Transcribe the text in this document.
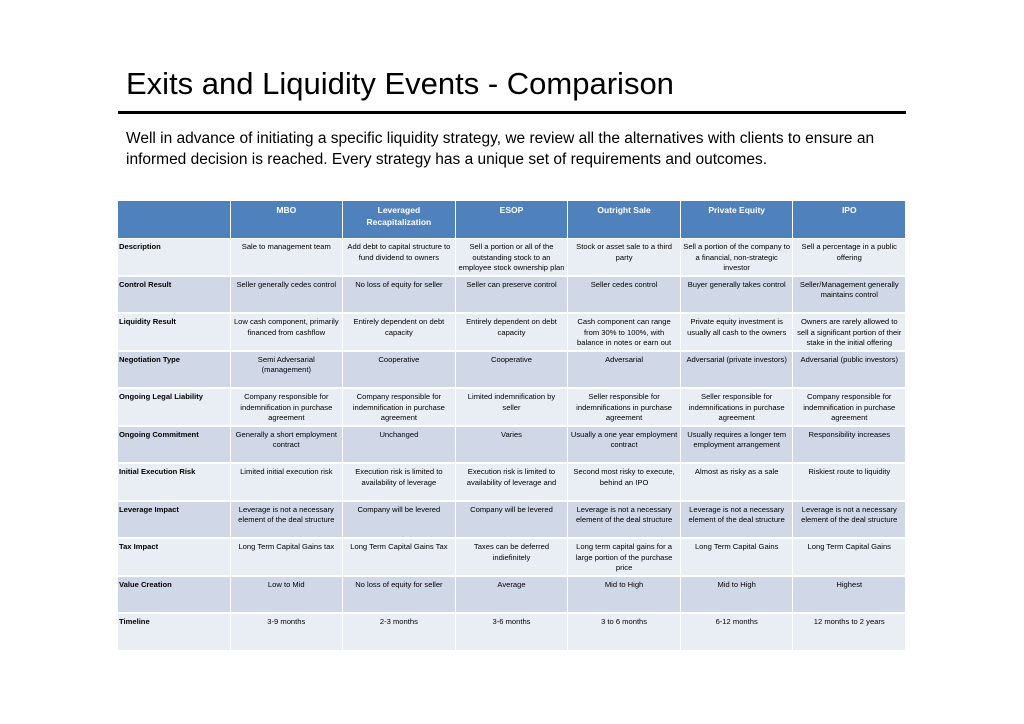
Exits and Liquidity Events - Comparison
Well in advance of initiating a specific liquidity strategy, we review all the alternatives with clients to ensure an informed decision is reached. Every strategy has a unique set of requirements and outcomes.
	MBO	Leveraged Recapitalization	ESOP	Outright Sale	Private Equity	IPO
Description	Sale to management team	Add debt to capital structure to fund dividend to owners	Sell a portion or all of the outstanding stock to an employee stock ownership plan	Stock or asset sale to a third party	Sell a portion of the company to a financial, non-strategic investor	Sell a percentage in a public offering
Control Result	Seller generally cedes control	No loss of equity for seller	Seller can preserve control	Seller cedes control	Buyer generally takes control	Seller/Management generally maintains control
Liquidity Result	Low cash component, primarily financed from cashflow	Entirely dependent on debt capacity	Entirely dependent on debt capacity	Cash component can range from 30% to 100%, with balance in notes or earn out	Private equity investment is usually all cash to the owners	Owners are rarely allowed to sell a significant portion of their stake in the initial offering
Negotiation Type	Semi Adversarial (management)	Cooperative	Cooperative	Adversarial	Adversarial (private investors)	Adversarial (public investors)
Ongoing Legal Liability	Company responsible for indemnification in purchase agreement	Company responsible for indemnification in purchase agreement	Limited indemnification by seller	Seller responsible for indemnifications in purchase agreement	Seller responsible for indemnifications in purchase agreement	Company responsible for indemnification in purchase agreement
Ongoing Commitment	Generally a short employment contract	Unchanged	Varies	Usually a one year employment contract	Usually requires a longer tem employment arrangement	Responsibility increases
Initial Execution Risk	Limited initial execution risk	Execution risk is limited to availability of leverage	Execution risk is limited to availability of leverage and	Second most risky to execute, behind an IPO	Almost as risky as a sale	Riskiest route to liquidity
Leverage Impact	Leverage is not a necessary element of the deal structure	Company will be levered	Company will be levered	Leverage is not a necessary element of the deal structure	Leverage is not a necessary element of the deal structure	Leverage is not a necessary element of the deal structure
Tax Impact	Long Term Capital Gains tax	Long Term Capital Gains Tax	Taxes can be deferred indiefinitely	Long term capital gains for a large portion of the purchase price	Long Term Capital Gains	Long Term Capital Gains
Value Creation	Low to Mid	No loss of equity for seller	Average	Mid to High	Mid to High	Highest
Timeline	3-9 months	2-3 months	3-6 months	3 to 6 months	6-12 months	12 months to 2 years
